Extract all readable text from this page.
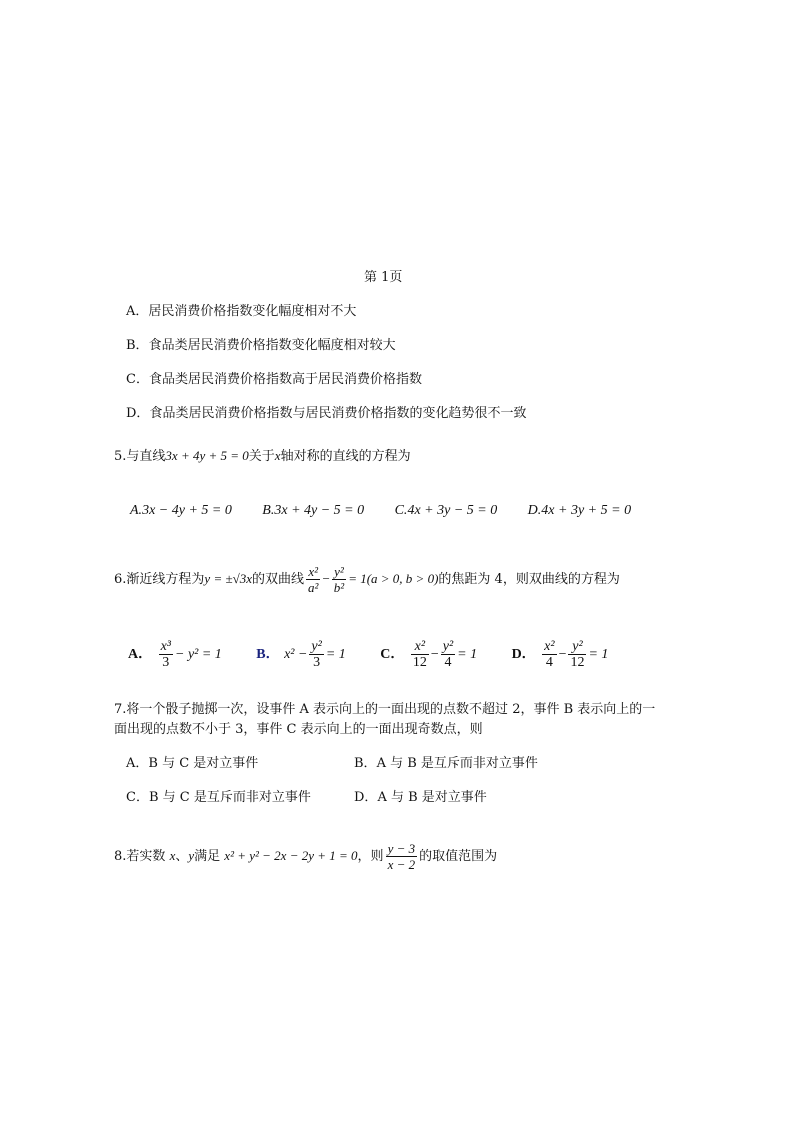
第 1页
A．居民消费价格指数变化幅度相对不大
B．食品类居民消费价格指数变化幅度相对较大
C．食品类居民消费价格指数高于居民消费价格指数
D．食品类居民消费价格指数与居民消费价格指数的变化趋势很不一致
5.与直线3x + 4y + 5 = 0关于x轴对称的直线的方程为
A.3x − 4y + 5 = 0 B.3x + 4y − 5 = 0 C.4x + 3y − 5 = 0 D.4x + 3y + 5 = 0
6.渐近线方程为y = ±√3x的双曲线 $\frac{\text{x²}}{\text{a²}} - \frac{\text{y²}}{\text{b²}} = 1(a > 0$, b > 0)的焦距为 4，则双曲线的方程为
A． $\frac{\text{x³}}{3} - y^2 = 1$ B． $x^2 - \frac{\text{y²}}{3} = 1$ C． $\frac{\text{x²}}{12} - \frac{\text{y²}}{4} = 1$ D． $\frac{\text{x²}}{4} - \frac{\text{y²}}{12} = 1$
7.将一个骰子抛掷一次，设事件 A 表示向上的一面出现的点数不超过 2，事件 B 表示向上的一
面出现的点数不小于 3，事件 C 表示向上的一面出现奇数点，则
A．B 与 C 是对立事件	B．A 与 B 是互斥而非对立事件
C．B 与 C 是互斥而非对立事件	D．A 与 B 是对立事件
8.若实数 x、y满足 x² + y² − 2x − 2y + 1 = 0，则 $\frac{y - 3}{x - 2}$ 的取值范围为
